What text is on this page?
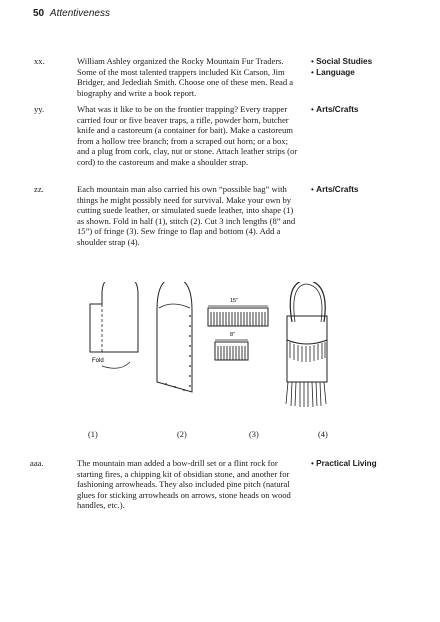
50 Attentiveness
xx.	William Ashley organized the Rocky Mountain Fur Traders. Some of the most talented trappers included Kit Carson, Jim Bridger, and Jedediah Smith. Choose one of these men. Read a biography and write a book report.
• Social Studies
• Language
yy.	What was it like to be on the frontier trapping? Every trapper carried four or five beaver traps, a rifle, powder horn, butcher knife and a castoreum (a container for bait). Make a castoreum from a hollow tree branch; from a scraped out horn; or a box; and a plug from cork, clay, nut or stone. Attach leather strips (or cord) to the castoreum and make a shoulder strap.
• Arts/Crafts
zz.	Each mountain man also carried his own “possible bag” with things he might possibly need for survival. Make your own by cutting suede leather, or simulated suede leather, into shape (1) as shown. Fold in half (1), stitch (2). Cut 3 inch lengths (8” and 15”) of fringe (3). Sew fringe to flap and bottom (4). Add a shoulder strap (4).
• Arts/Crafts
Fold
15”
8”
(1)	(2)	(3)	(4)
aaa.	The mountain man added a bow-drill set or a flint rock for starting fires, a chipping kit of obsidian stone, and another for fashioning arrowheads. They also included pine pitch (natural glues for sticking arrowheads on arrows, stone heads on wood handles, etc.).
• Practical Living
